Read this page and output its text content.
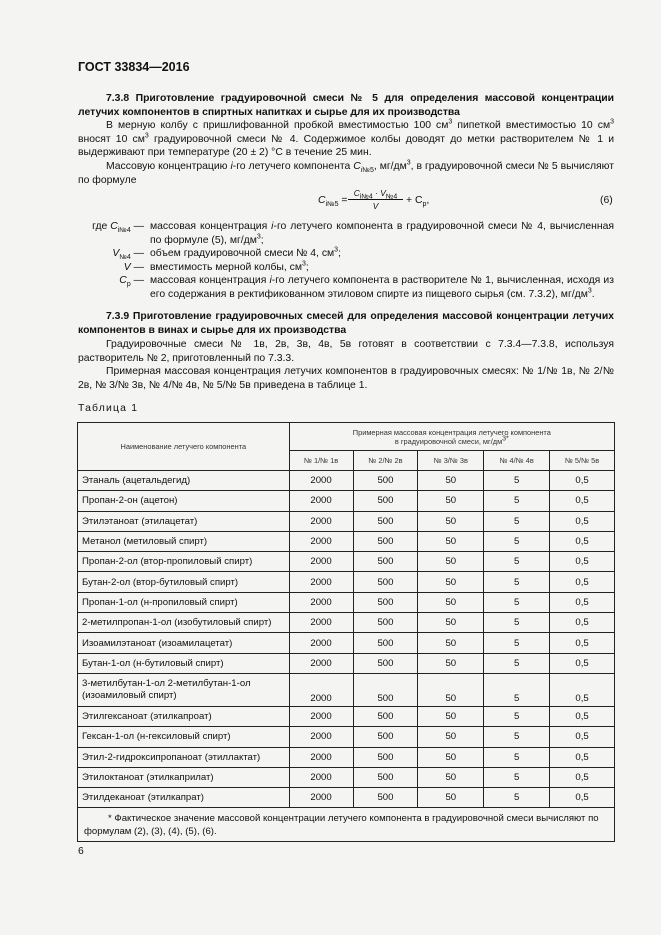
ГОСТ 33834—2016
7.3.8 Приготовление градуировочной смеси № 5 для определения массовой концентрации летучих компонентов в спиртных напитках и сырье для их производства
В мерную колбу с пришлифованной пробкой вместимостью 100 $см^3$ пипеткой вместимостью 10 $см^3$ вносят 10 $см^3$ градуировочной смеси № 4. Содержимое колбы доводят до метки растворителем № 1 и выдерживают при температуре (20 ± 2) °С в течение 25 мин.
Массовую концентрацию i-го летучего компонента $C_{i№5}$, $мг/дм^3$, в градуировочной смеси № 5 вычисляют по формуле
$C_{i№5} = \frac{C_{i№4} \cdot V_{№4}}{V} + C_p$,	(6)
где $C_{i№4}$ — массовая концентрация i-го летучего компонента в градуировочной смеси № 4, вычисленная по формуле (5), $мг/дм^3$;
$V_{№4}$ — объем градуировочной смеси № 4, $см^3$;
V — вместимость мерной колбы, $см^3$;
$C_p$ — массовая концентрация i-го летучего компонента в растворителе № 1, вычисленная, исходя из его содержания в ректификованном этиловом спирте из пищевого сырья (см. 7.3.2), $мг/дм^3$.
7.3.9 Приготовление градуировочных смесей для определения массовой концентрации летучих компонентов в винах и сырье для их производства
Градуировочные смеси № 1в, 2в, 3в, 4в, 5в готовят в соответствии с 7.3.4—7.3.8, используя растворитель № 2, приготовленный по 7.3.3.
Примерная массовая концентрация летучих компонентов в градуировочных смесях: № 1/№ 1в, № 2/№ 2в, № 3/№ 3в, № 4/№ 4в, № 5/№ 5в приведена в таблице 1.
Таблица 1
Наименование летучего компонента	Примерная массовая концентрация летучего компонента
в градуировочной смеси, $мг/дм^{3*}$
	№ 1/№ 1в	№ 2/№ 2в	№ 3/№ 3в	№ 4/№ 4в	№ 5/№ 5в
Этаналь (ацетальдегид)	2000	500	50	5	0,5
Пропан-2-он (ацетон)	2000	500	50	5	0,5
Этилэтаноат (этилацетат)	2000	500	50	5	0,5
Метанол (метиловый спирт)	2000	500	50	5	0,5
Пропан-2-ол (втор-пропиловый спирт)	2000	500	50	5	0,5
Бутан-2-ол (втор-бутиловый спирт)	2000	500	50	5	0,5
Пропан-1-ол (н-пропиловый спирт)	2000	500	50	5	0,5
2-метилпропан-1-ол (изобутиловый спирт)	2000	500	50	5	0,5
Изоамилэтаноат (изоамилацетат)	2000	500	50	5	0,5
Бутан-1-ол (н-бутиловый спирт)	2000	500	50	5	0,5
3-метилбутан-1-ол 2-метилбутан-1-ол (изоамиловый спирт)	2000	500	50	5	0,5
Этилгексаноат (этилкапроат)	2000	500	50	5	0,5
Гексан-1-ол (н-гексиловый спирт)	2000	500	50	5	0,5
Этил-2-гидроксипропаноат (этиллактат)	2000	500	50	5	0,5
Этилоктаноат (этилкаприлат)	2000	500	50	5	0,5
Этилдеканоат (этилкапрат)	2000	500	50	5	0,5
* Фактическое значение массовой концентрации летучего компонента в градуировочной смеси вычисляют по формулам (2), (3), (4), (5), (6).					
6
